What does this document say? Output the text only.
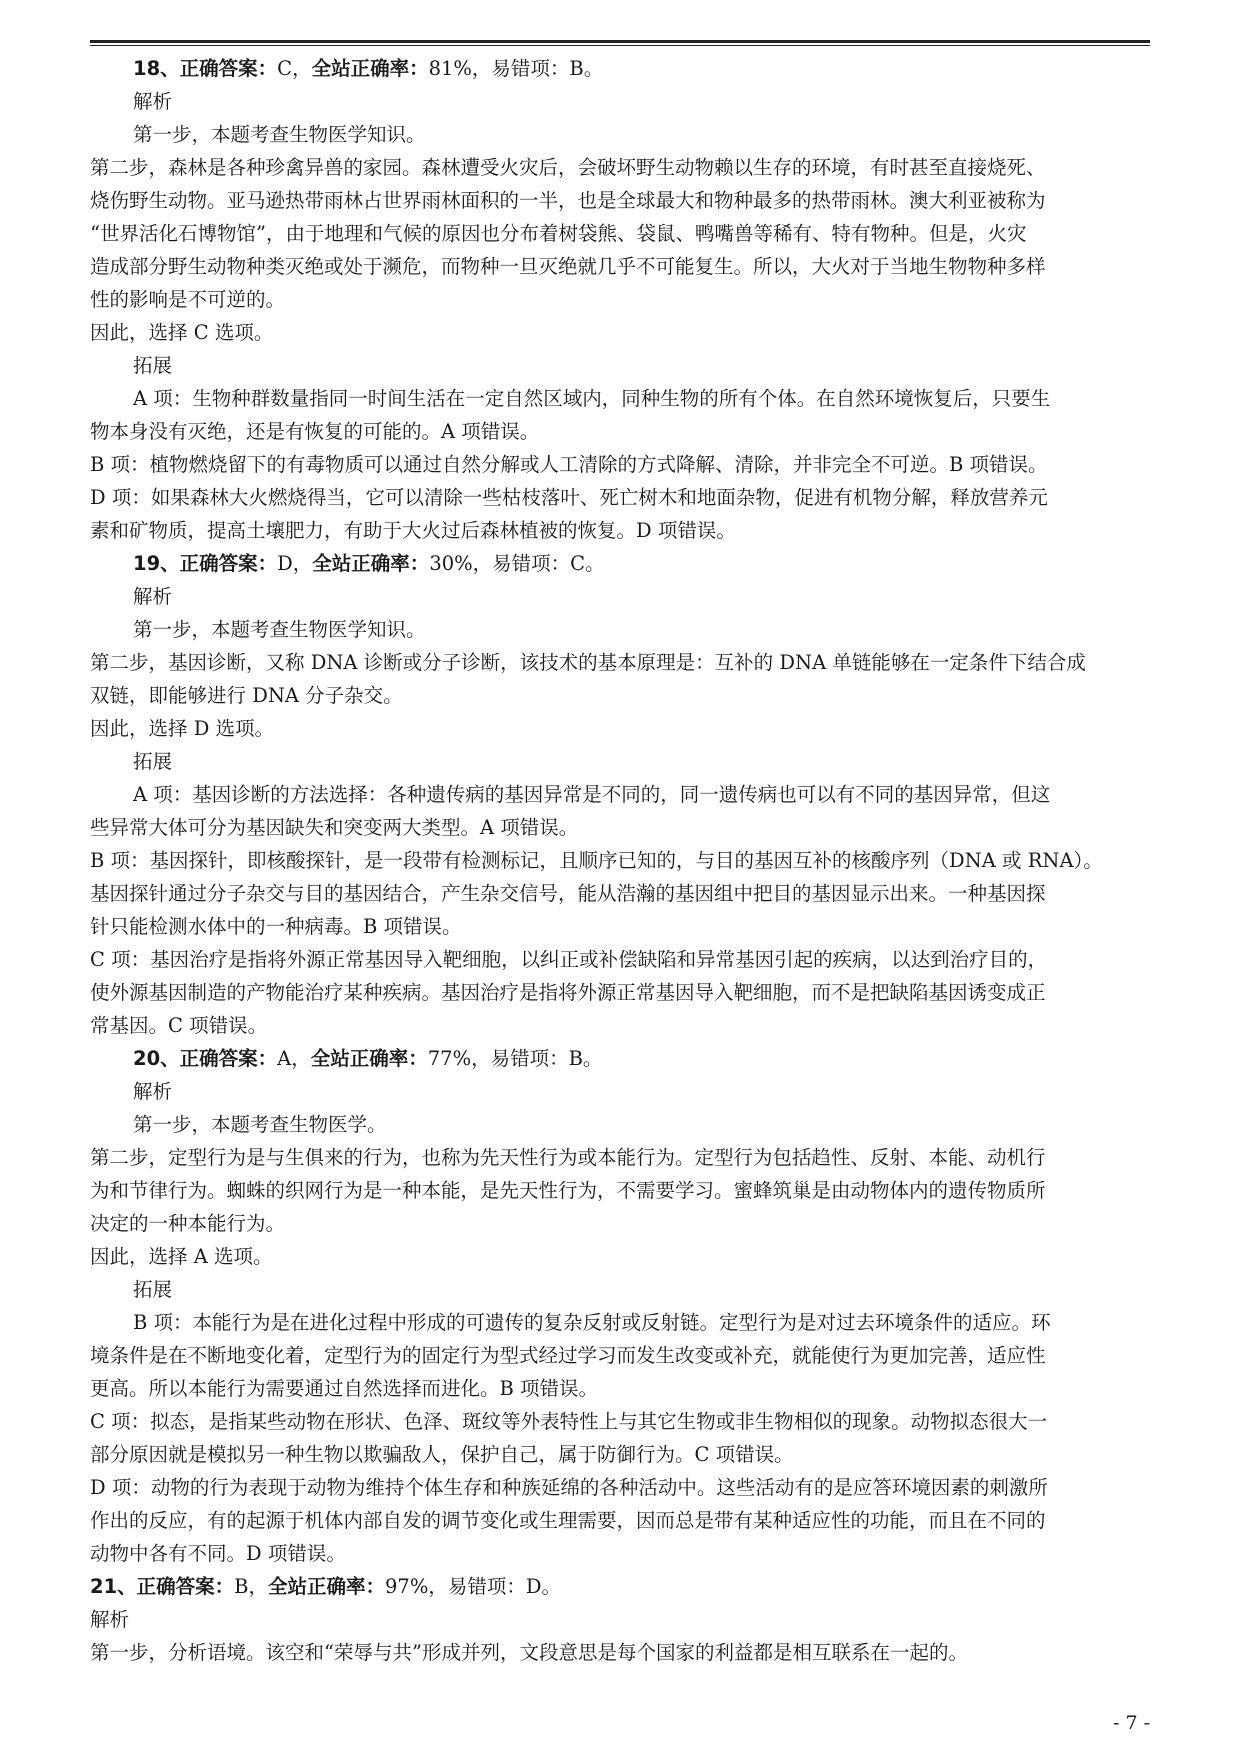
18、正确答案：C，全站正确率：81%，易错项：B。
解析
第一步，本题考查生物医学知识。
第二步，森林是各种珍禽异兽的家园。森林遭受火灾后，会破坏野生动物赖以生存的环境，有时甚至直接烧死、
烧伤野生动物。亚马逊热带雨林占世界雨林面积的一半，也是全球最大和物种最多的热带雨林。澳大利亚被称为
“世界活化石博物馆”，由于地理和气候的原因也分布着树袋熊、袋鼠、鸭嘴兽等稀有、特有物种。但是，火灾
造成部分野生动物种类灭绝或处于濒危，而物种一旦灭绝就几乎不可能复生。所以，大火对于当地生物物种多样
性的影响是不可逆的。
因此，选择 C 选项。
拓展
A 项：生物种群数量指同一时间生活在一定自然区域内，同种生物的所有个体。在自然环境恢复后，只要生
物本身没有灭绝，还是有恢复的可能的。A 项错误。
B 项：植物燃烧留下的有毒物质可以通过自然分解或人工清除的方式降解、清除，并非完全不可逆。B 项错误。
D 项：如果森林大火燃烧得当，它可以清除一些枯枝落叶、死亡树木和地面杂物，促进有机物分解，释放营养元
素和矿物质，提高土壤肥力，有助于大火过后森林植被的恢复。D 项错误。
19、正确答案：D，全站正确率：30%，易错项：C。
解析
第一步，本题考查生物医学知识。
第二步，基因诊断，又称 DNA 诊断或分子诊断，该技术的基本原理是：互补的 DNA 单链能够在一定条件下结合成
双链，即能够进行 DNA 分子杂交。
因此，选择 D 选项。
拓展
A 项：基因诊断的方法选择：各种遗传病的基因异常是不同的，同一遗传病也可以有不同的基因异常，但这
些异常大体可分为基因缺失和突变两大类型。A 项错误。
B 项：基因探针，即核酸探针，是一段带有检测标记，且顺序已知的，与目的基因互补的核酸序列（DNA 或 RNA）。
基因探针通过分子杂交与目的基因结合，产生杂交信号，能从浩瀚的基因组中把目的基因显示出来。一种基因探
针只能检测水体中的一种病毒。B 项错误。
C 项：基因治疗是指将外源正常基因导入靶细胞，以纠正或补偿缺陷和异常基因引起的疾病，以达到治疗目的，
使外源基因制造的产物能治疗某种疾病。基因治疗是指将外源正常基因导入靶细胞，而不是把缺陷基因诱变成正
常基因。C 项错误。
20、正确答案：A，全站正确率：77%，易错项：B。
解析
第一步，本题考查生物医学。
第二步，定型行为是与生俱来的行为，也称为先天性行为或本能行为。定型行为包括趋性、反射、本能、动机行
为和节律行为。蜘蛛的织网行为是一种本能，是先天性行为，不需要学习。蜜蜂筑巢是由动物体内的遗传物质所
决定的一种本能行为。
因此，选择 A 选项。
拓展
B 项：本能行为是在进化过程中形成的可遗传的复杂反射或反射链。定型行为是对过去环境条件的适应。环
境条件是在不断地变化着，定型行为的固定行为型式经过学习而发生改变或补充，就能使行为更加完善，适应性
更高。所以本能行为需要通过自然选择而进化。B 项错误。
C 项：拟态，是指某些动物在形状、色泽、斑纹等外表特性上与其它生物或非生物相似的现象。动物拟态很大一
部分原因就是模拟另一种生物以欺骗敌人，保护自己，属于防御行为。C 项错误。
D 项：动物的行为表现于动物为维持个体生存和种族延绵的各种活动中。这些活动有的是应答环境因素的刺激所
作出的反应，有的起源于机体内部自发的调节变化或生理需要，因而总是带有某种适应性的功能，而且在不同的
动物中各有不同。D 项错误。
21、正确答案：B，全站正确率：97%，易错项：D。
解析
第一步，分析语境。该空和“荣辱与共”形成并列，文段意思是每个国家的利益都是相互联系在一起的。
- 7 -
